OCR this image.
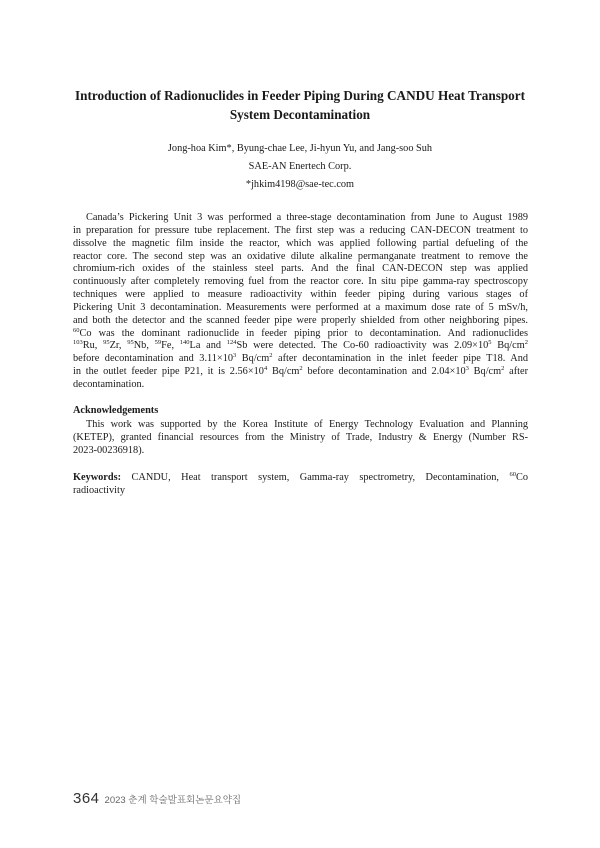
Introduction of Radionuclides in Feeder Piping During CANDU Heat Transport
System Decontamination
Jong-hoa Kim*, Byung-chae Lee, Ji-hyun Yu, and Jang-soo Suh
SAE-AN Enertech Corp.
*jhkim4198@sae-tec.com
Canada’s Pickering Unit 3 was performed a three-stage decontamination from June to August 1989
in preparation for pressure tube replacement. The first step was a reducing CAN-DECON treatment to
dissolve the magnetic film inside the reactor, which was applied following partial defueling of the
reactor core. The second step was an oxidative dilute alkaline permanganate treatment to remove the
chromium-rich oxides of the stainless steel parts. And the final CAN-DECON step was applied
continuously after completely removing fuel from the reactor core. In situ pipe gamma-ray spectroscopy
techniques were applied to measure radioactivity within feeder piping during various stages of
Pickering Unit 3 decontamination. Measurements were performed at a maximum dose rate of 5 mSv/h,
and both the detector and the scanned feeder pipe were properly shielded from other neighboring pipes.
$^{60}$Co was the dominant radionuclide in feeder piping prior to decontamination. And radionuclides
$^{103}$Ru, $^{95}$Zr, $^{95}$Nb, $^{59}$Fe, $^{140}$La and $^{124}$Sb were detected. The Co-60 radioactivity was $2.09\times 10^5$ $Bq/cm^2$
before decontamination and $3.11\times 10^3$ $Bq/cm^2$ after decontamination in the inlet feeder pipe T18. And
in the outlet feeder pipe P21, it is $2.56\times 10^4$ $Bq/cm^2$ before decontamination and $2.04\times 10^3$ $Bq/cm^2$ after
decontamination.
Acknowledgements
This work was supported by the Korea Institute of Energy Technology Evaluation and Planning
(KETEP), granted financial resources from the Ministry of Trade, Industry & Energy (Number RS-
2023-00236918).
Keywords: CANDU, Heat transport system, Gamma-ray spectrometry, Decontamination, $^{60}$Co
radioactivity
364 2023 춘계 학술발표회논문요약집
